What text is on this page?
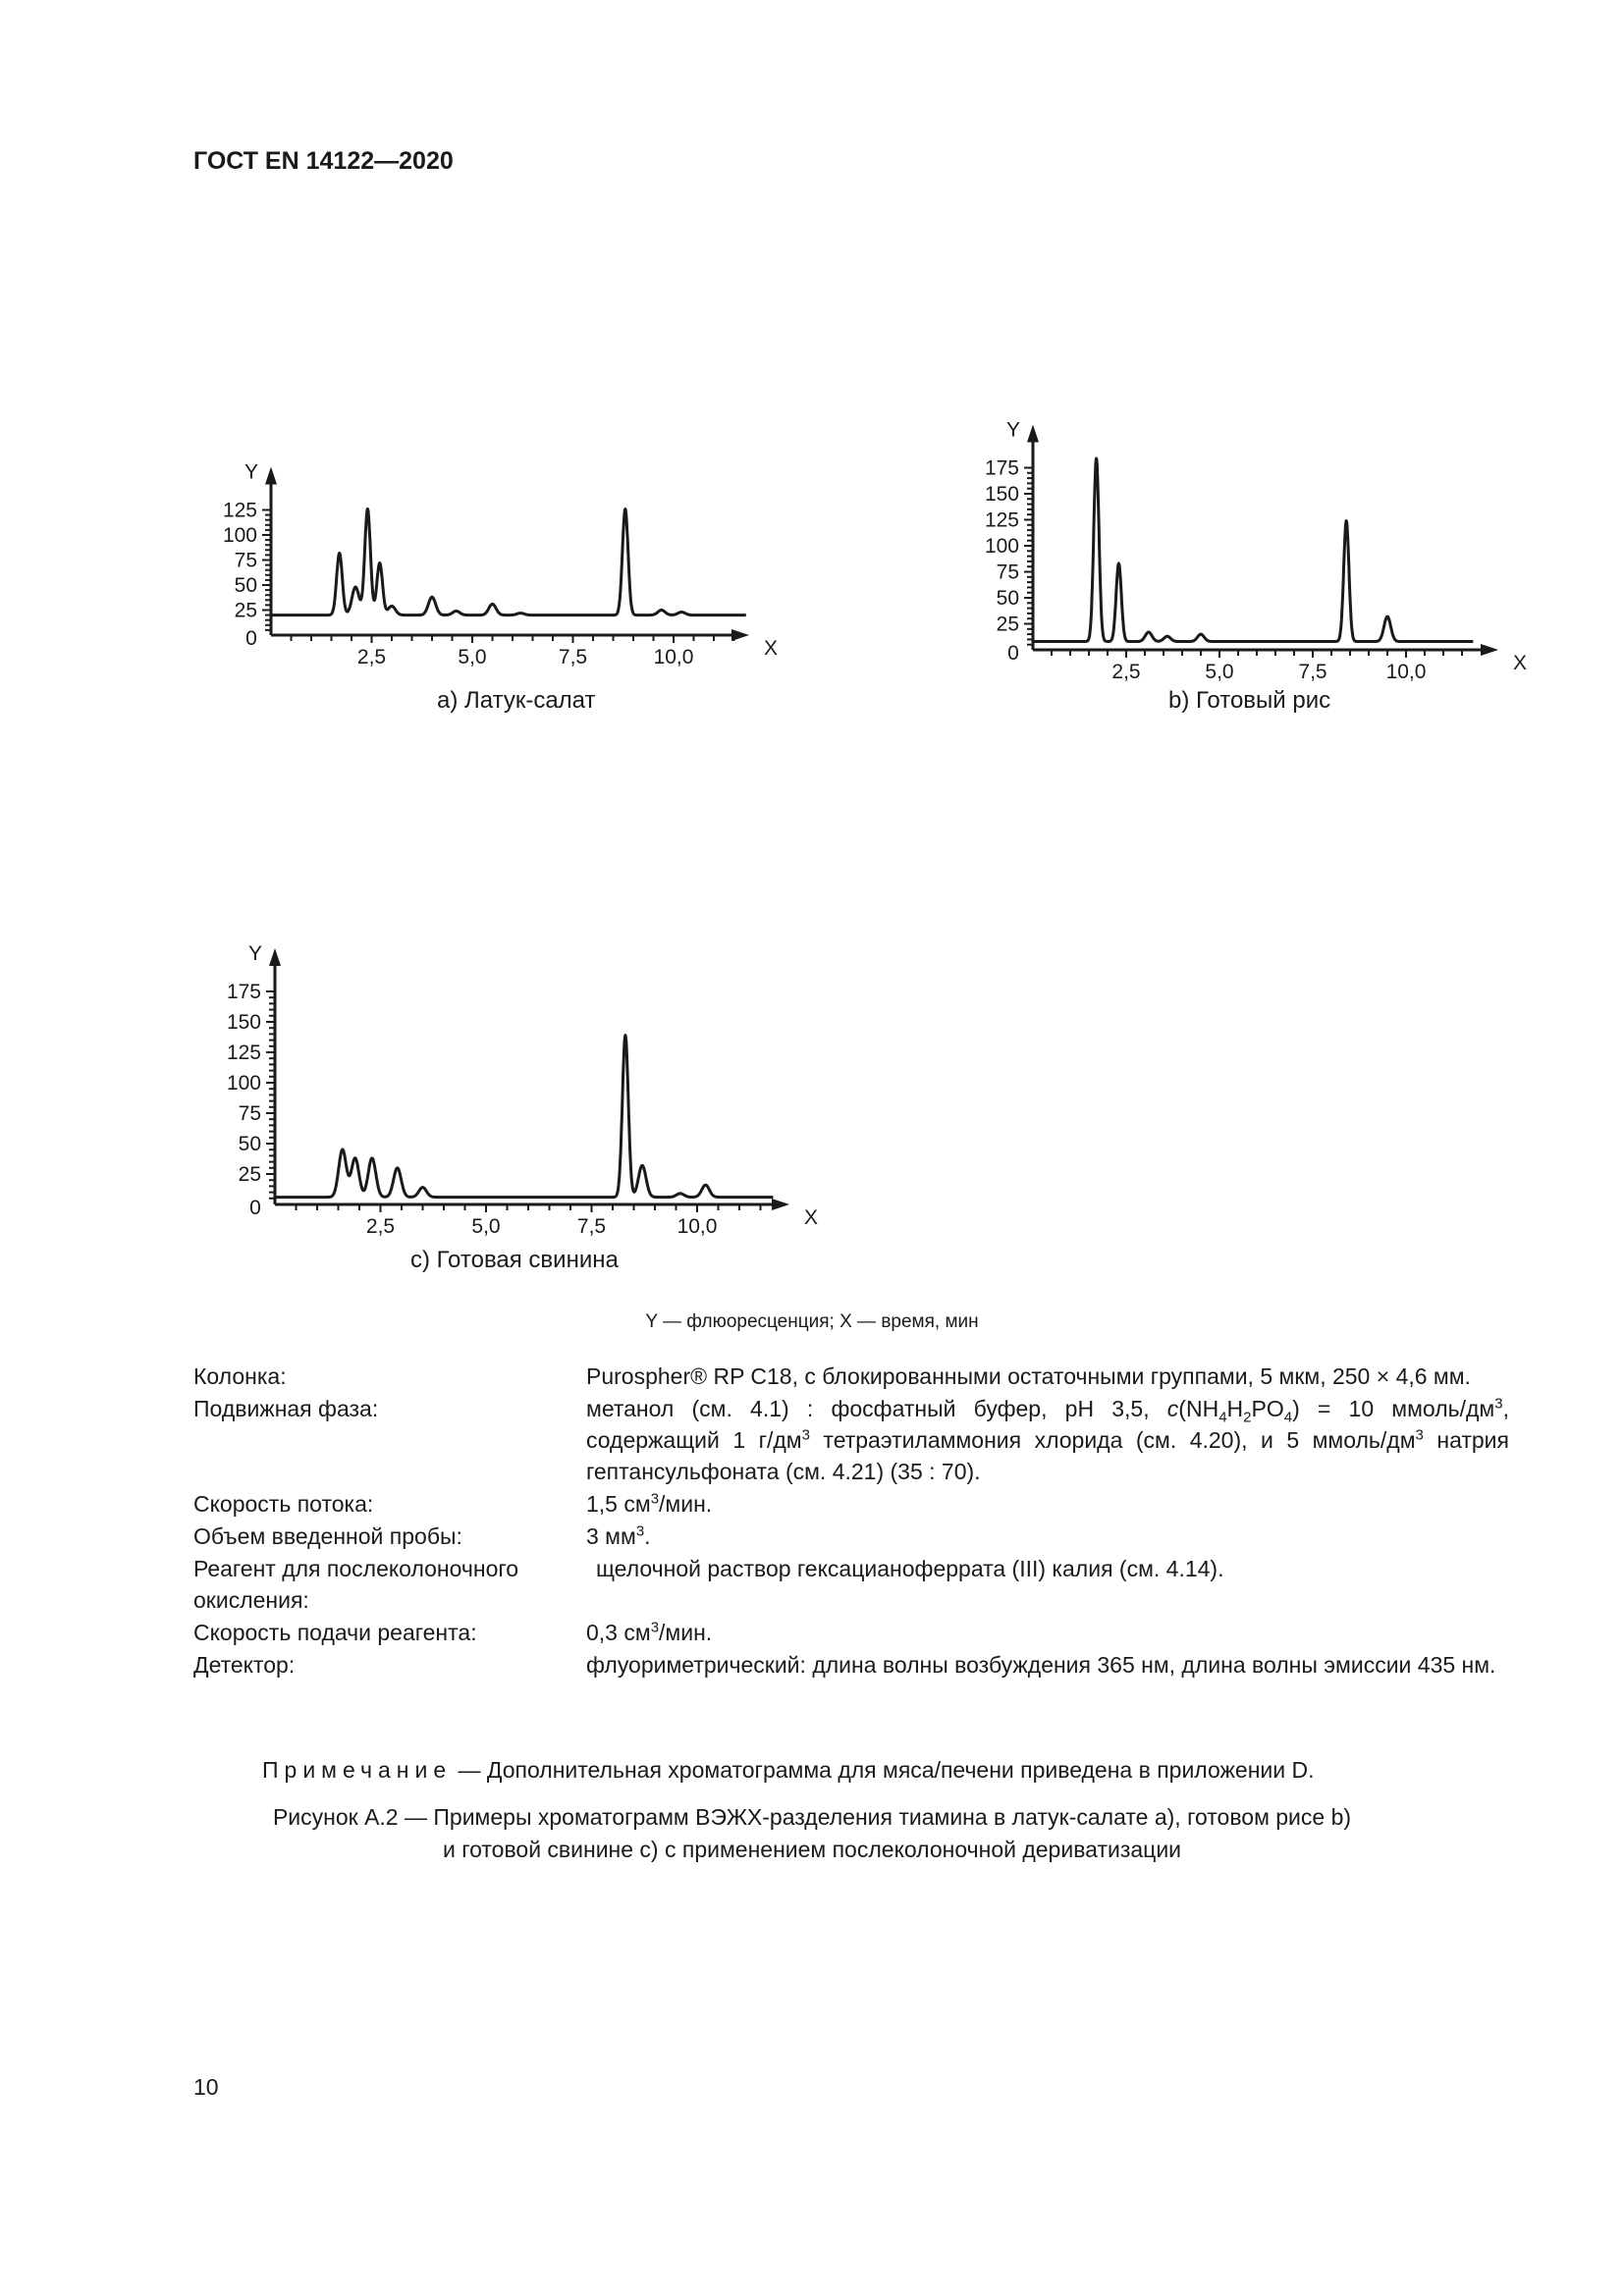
ГОСТ EN 14122—2020
2,5	5,0	7,5	10,0
125
100
75
50
25
0	X
Y
a) Латук-салат
2,5	5,0	7,5	10,0
175
150
125
100
75
50
25
0	X
Y
b) Готовый рис
2,5	5,0	7,5	10,0
175
150
125
100
75
50
25
0	X
Y
c) Готовая свинина
Y — флюоресценция; X — время, мин
Колонка:	Purospher® RP C18, с блокированными остаточными группами, 5 мкм, 250 × 4,6 мм.
Подвижная фаза:	метанол (см. 4.1) : фосфатный буфер, pH 3,5, $c(NH_4H_2PO_4) = 10$ ммоль/$дм^3$, содержащий 1 $г/дм^3$ тетраэтиламмония хлорида (см. 4.20), и 5 ммоль/$дм^3$ натрия гептансульфоната (см. 4.21) (35 : 70).
Скорость потока:	1,5 $см^3$/мин.
Объем введенной пробы:	3 $мм^3$.
Реагент для послеколоночного окисления:
щелочной раствор гексацианоферрата (III) калия (см. 4.14).
Скорость подачи реагента:	0,3 $см^3$/мин.
Детектор:	флуориметрический: длина волны возбуждения 365 нм, длина волны эмиссии 435 нм.
Примечание — Дополнительная хроматограмма для мяса/печени приведена в приложении D.
Рисунок А.2 — Примеры хроматограмм ВЭЖХ-разделения тиамина в латук-салате a), готовом рисе b)
и готовой свинине c) с применением послеколоночной дериватизации
10
